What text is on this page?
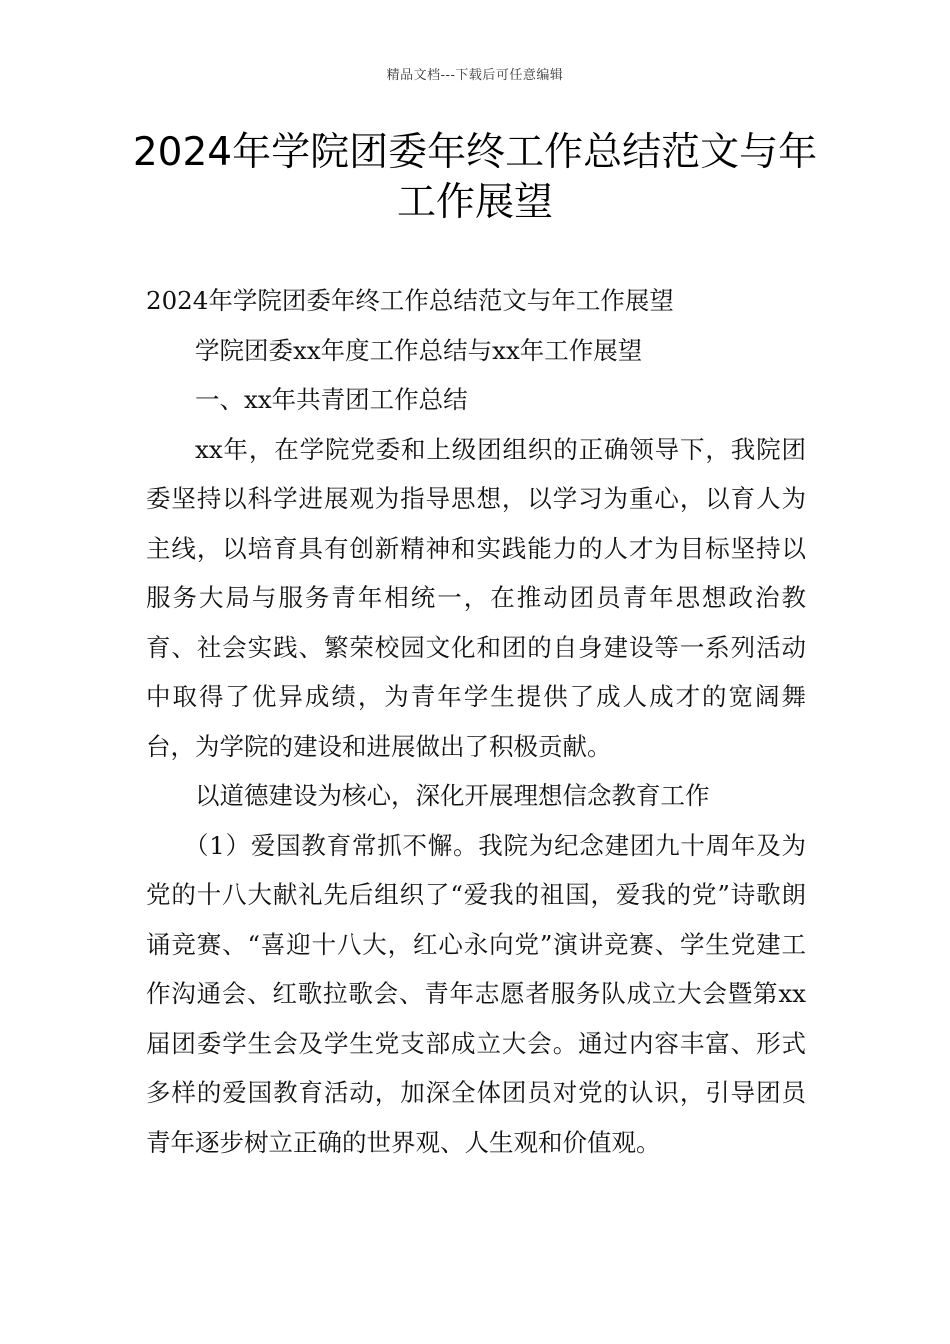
精品文档---下载后可任意编辑
2024年学院团委年终工作总结范文与年
工作展望

2024年学院团委年终工作总结范文与年工作展望

学院团委xx年度工作总结与xx年工作展望

一、xx年共青团工作总结

xx年，在学院党委和上级团组织的正确领导下，我院团委坚持以科学进展观为指导思想，以学习为重心，以育人为主线，以培育具有创新精神和实践能力的人才为目标坚持以服务大局与服务青年相统一，在推动团员青年思想政治教育、社会实践、繁荣校园文化和团的自身建设等一系列活动中取得了优异成绩，为青年学生提供了成人成才的宽阔舞台，为学院的建设和进展做出了积极贡献。

以道德建设为核心，深化开展理想信念教育工作

（1）爱国教育常抓不懈。我院为纪念建团九十周年及为党的十八大献礼先后组织了“爱我的祖国，爱我的党”诗歌朗诵竞赛、“喜迎十八大，红心永向党”演讲竞赛、学生党建工作沟通会、红歌拉歌会、青年志愿者服务队成立大会暨第xx届团委学生会及学生党支部成立大会。通过内容丰富、形式多样的爱国教育活动，加深全体团员对党的认识，引导团员青年逐步树立正确的世界观、人生观和价值观。
